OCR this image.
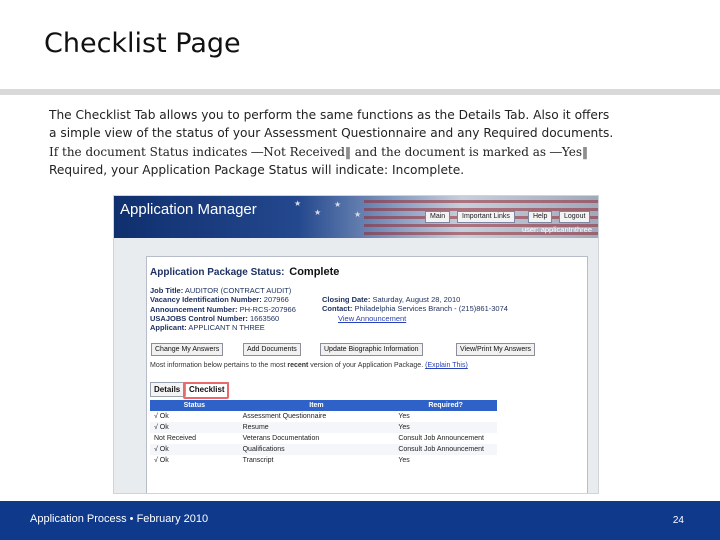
Checklist Page

The Checklist Tab allows you to perform the same functions as the Details Tab. Also it offers

a simple view of the status of your Assessment Questionnaire and any Required documents.

If the document Status indicates ―Not Received‖ and the document is marked as ―Yes‖

Required, your Application Package Status will indicate: Incomplete.

★
★
★
★
Application Manager	Main	Important Links	Help	Logout
user: applicantnthree
Application Package Status: Complete
Job Title: AUDITOR (CONTRACT AUDIT)
Vacancy Identification Number: 207966
Announcement Number: PH-RCS-207966
USAJOBS Control Number: 1663560
Applicant: APPLICANT N THREE
Closing Date: Saturday, August 28, 2010
Contact: Philadelphia Services Branch - (215)861-3074
View Announcement
Change My Answers	Add Documents	Update Biographic Information	View/Print My Answers
Most information below pertains to the most recent version of your Application Package. (Explain This)
Details	Checklist
Status	Item	Required?
√ Ok	Assessment Questionnaire	Yes
√ Ok	Resume	Yes
Not Received	Veterans Documentation	Consult Job Announcement
√ Ok	Qualifications	Consult Job Announcement
√ Ok	Transcript	Yes
Application Process • February 2010	24
